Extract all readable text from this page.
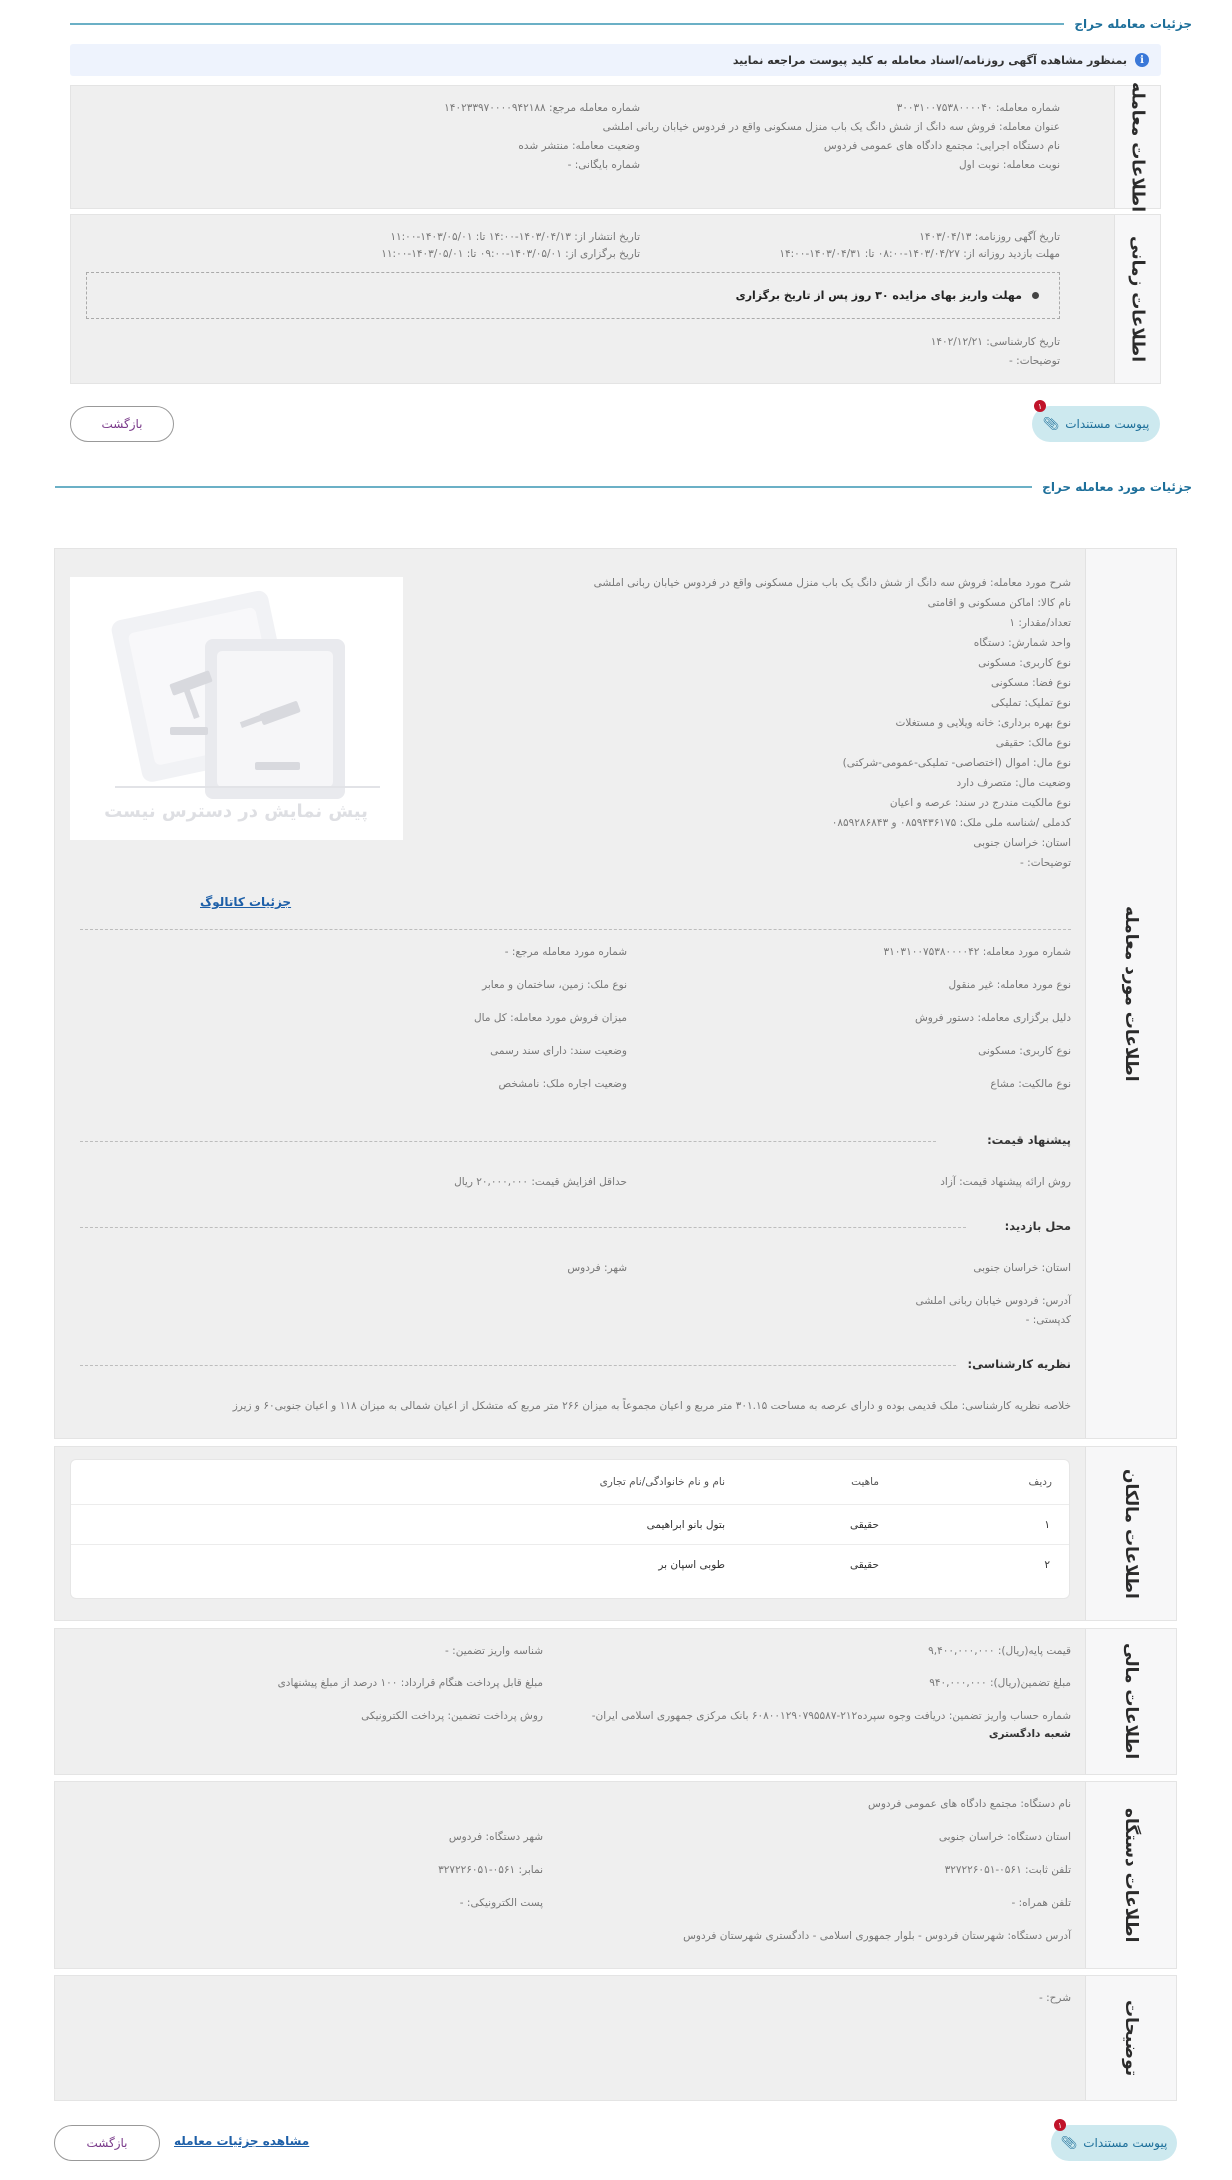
جزئیات معامله حراج
i
بمنظور مشاهده آگهی روزنامه/اسناد معامله به کلید پیوست مراجعه نمایید
اطلاعات معامله
شماره معامله: ۳۰۰۳۱۰۰۷۵۳۸۰۰۰۰۴۰
شماره معامله مرجع: ۱۴۰۲۳۳۹۷۰۰۰۰۹۴۲۱۸۸
عنوان معامله: فروش سه دانگ از شش دانگ یک باب منزل مسکونی واقع در فردوس خیابان ربانی املشی
نام دستگاه اجرایی: مجتمع دادگاه های عمومی فردوس
وضعیت معامله: منتشر شده
نوبت معامله: نوبت اول
شماره بایگانی: -
اطلاعات زمانی
تاریخ آگهی روزنامه: ۱۴۰۳/۰۴/۱۳
تاریخ انتشار از: ۱۴۰۳/۰۴/۱۳-۱۴:۰۰ تا: ۱۴۰۳/۰۵/۰۱-۱۱:۰۰
مهلت بازدید روزانه از: ۱۴۰۳/۰۴/۲۷-۰۸:۰۰ تا: ۱۴۰۳/۰۴/۳۱-۱۴:۰۰
تاریخ برگزاری از: ۱۴۰۳/۰۵/۰۱-۰۹:۰۰ تا: ۱۴۰۳/۰۵/۰۱-۱۱:۰۰
مهلت واریز بهای مزایده ۳۰ روز پس از تاریخ برگزاری
تاریخ کارشناسی: ۱۴۰۲/۱۲/۲۱
توضیحات: -
پیوست مستندات
📎︎
۱
بازگشت
جزئیات مورد معامله حراج
اطلاعات مورد معامله
پیش نمایش در دسترس نیست
شرح مورد معامله: فروش سه دانگ از شش دانگ یک باب منزل مسکونی واقع در فردوس خیابان ربانی املشی
نام کالا: اماکن مسکونی و اقامتی
تعداد/مقدار: ۱
واحد شمارش: دستگاه
نوع کاربری: مسکونی
نوع فضا: مسکونی
نوع تملیک: تملیکی
نوع بهره برداری: خانه ویلایی و مستغلات
نوع مالک: حقیقی
نوع مال: اموال (اختصاصی- تملیکی-عمومی-شرکتی)
وضعیت مال: متصرف دارد
نوع مالکیت مندرج در سند: عرصه و اعیان
کدملی /شناسه ملی ملک: ۰۸۵۹۴۳۶۱۷۵ و ۰۸۵۹۲۸۶۸۴۳
استان: خراسان جنوبی
توضیحات: -
جزئیات کاتالوگ
شماره مورد معامله: ۳۱۰۳۱۰۰۷۵۳۸۰۰۰۰۴۲
شماره مورد معامله مرجع: -
نوع مورد معامله: غیر منقول
نوع ملک: زمین، ساختمان و معابر
دلیل برگزاری معامله: دستور فروش
میزان فروش مورد معامله: کل مال
نوع کاربری: مسکونی
وضعیت سند: دارای سند رسمی
نوع مالکیت: مشاع
وضعیت اجاره ملک: نامشخص
پیشنهاد قیمت:
روش ارائه پیشنهاد قیمت: آزاد
حداقل افزایش قیمت: ۲۰,۰۰۰,۰۰۰ ریال
محل بازدید:
استان: خراسان جنوبی
شهر: فردوس
آدرس: فردوس خیابان ربانی املشی
کدپستی: -
نظریه کارشناسی:
خلاصه نظریه کارشناسی: ملک قدیمی بوده و دارای عرصه به مساحت ۳۰۱.۱۵ متر مربع و اعیان مجموعاً به میزان ۲۶۶ متر مربع که متشکل از اعیان شمالی به میزان ۱۱۸ و اعیان جنوبی۶۰ و زیرز
اطلاعات مالکان
ردیف
ماهیت
نام و نام خانوادگی/نام تجاری
۱
حقیقی
بتول بانو ابراهیمی
۲
حقیقی
طوبی اسپان بر
اطلاعات مالی
قیمت پایه(ریال): ۹,۴۰۰,۰۰۰,۰۰۰
شناسه واریز تضمین: -
مبلغ تضمین(ریال): ۹۴۰,۰۰۰,۰۰۰
مبلغ قابل پرداخت هنگام قرارداد: ۱۰۰ درصد از مبلغ پیشنهادی
شماره حساب واریز تضمین: دریافت وجوه سپرده۲۱۲-۶۰۸۰۰۱۲۹۰۷۹۵۵۸۷ بانک مرکزی جمهوری اسلامی ایران-
شعبه دادگستری
روش پرداخت تضمین: پرداخت الکترونیکی
اطلاعات دستگاه
نام دستگاه: مجتمع دادگاه های عمومی فردوس
استان دستگاه: خراسان جنوبی
شهر دستگاه: فردوس
تلفن ثابت: ۰۵۶۱-۳۲۷۲۲۶۰۵۱
نمابر: ۰۵۶۱-۳۲۷۲۲۶۰۵۱
تلفن همراه: -
پست الکترونیکی: -
آدرس دستگاه: شهرستان فردوس - بلوار جمهوری اسلامی - دادگستری شهرستان فردوس
توضیحات
شرح: -
پیوست مستندات
📎︎
۱
مشاهده جزئیات معامله
بازگشت
